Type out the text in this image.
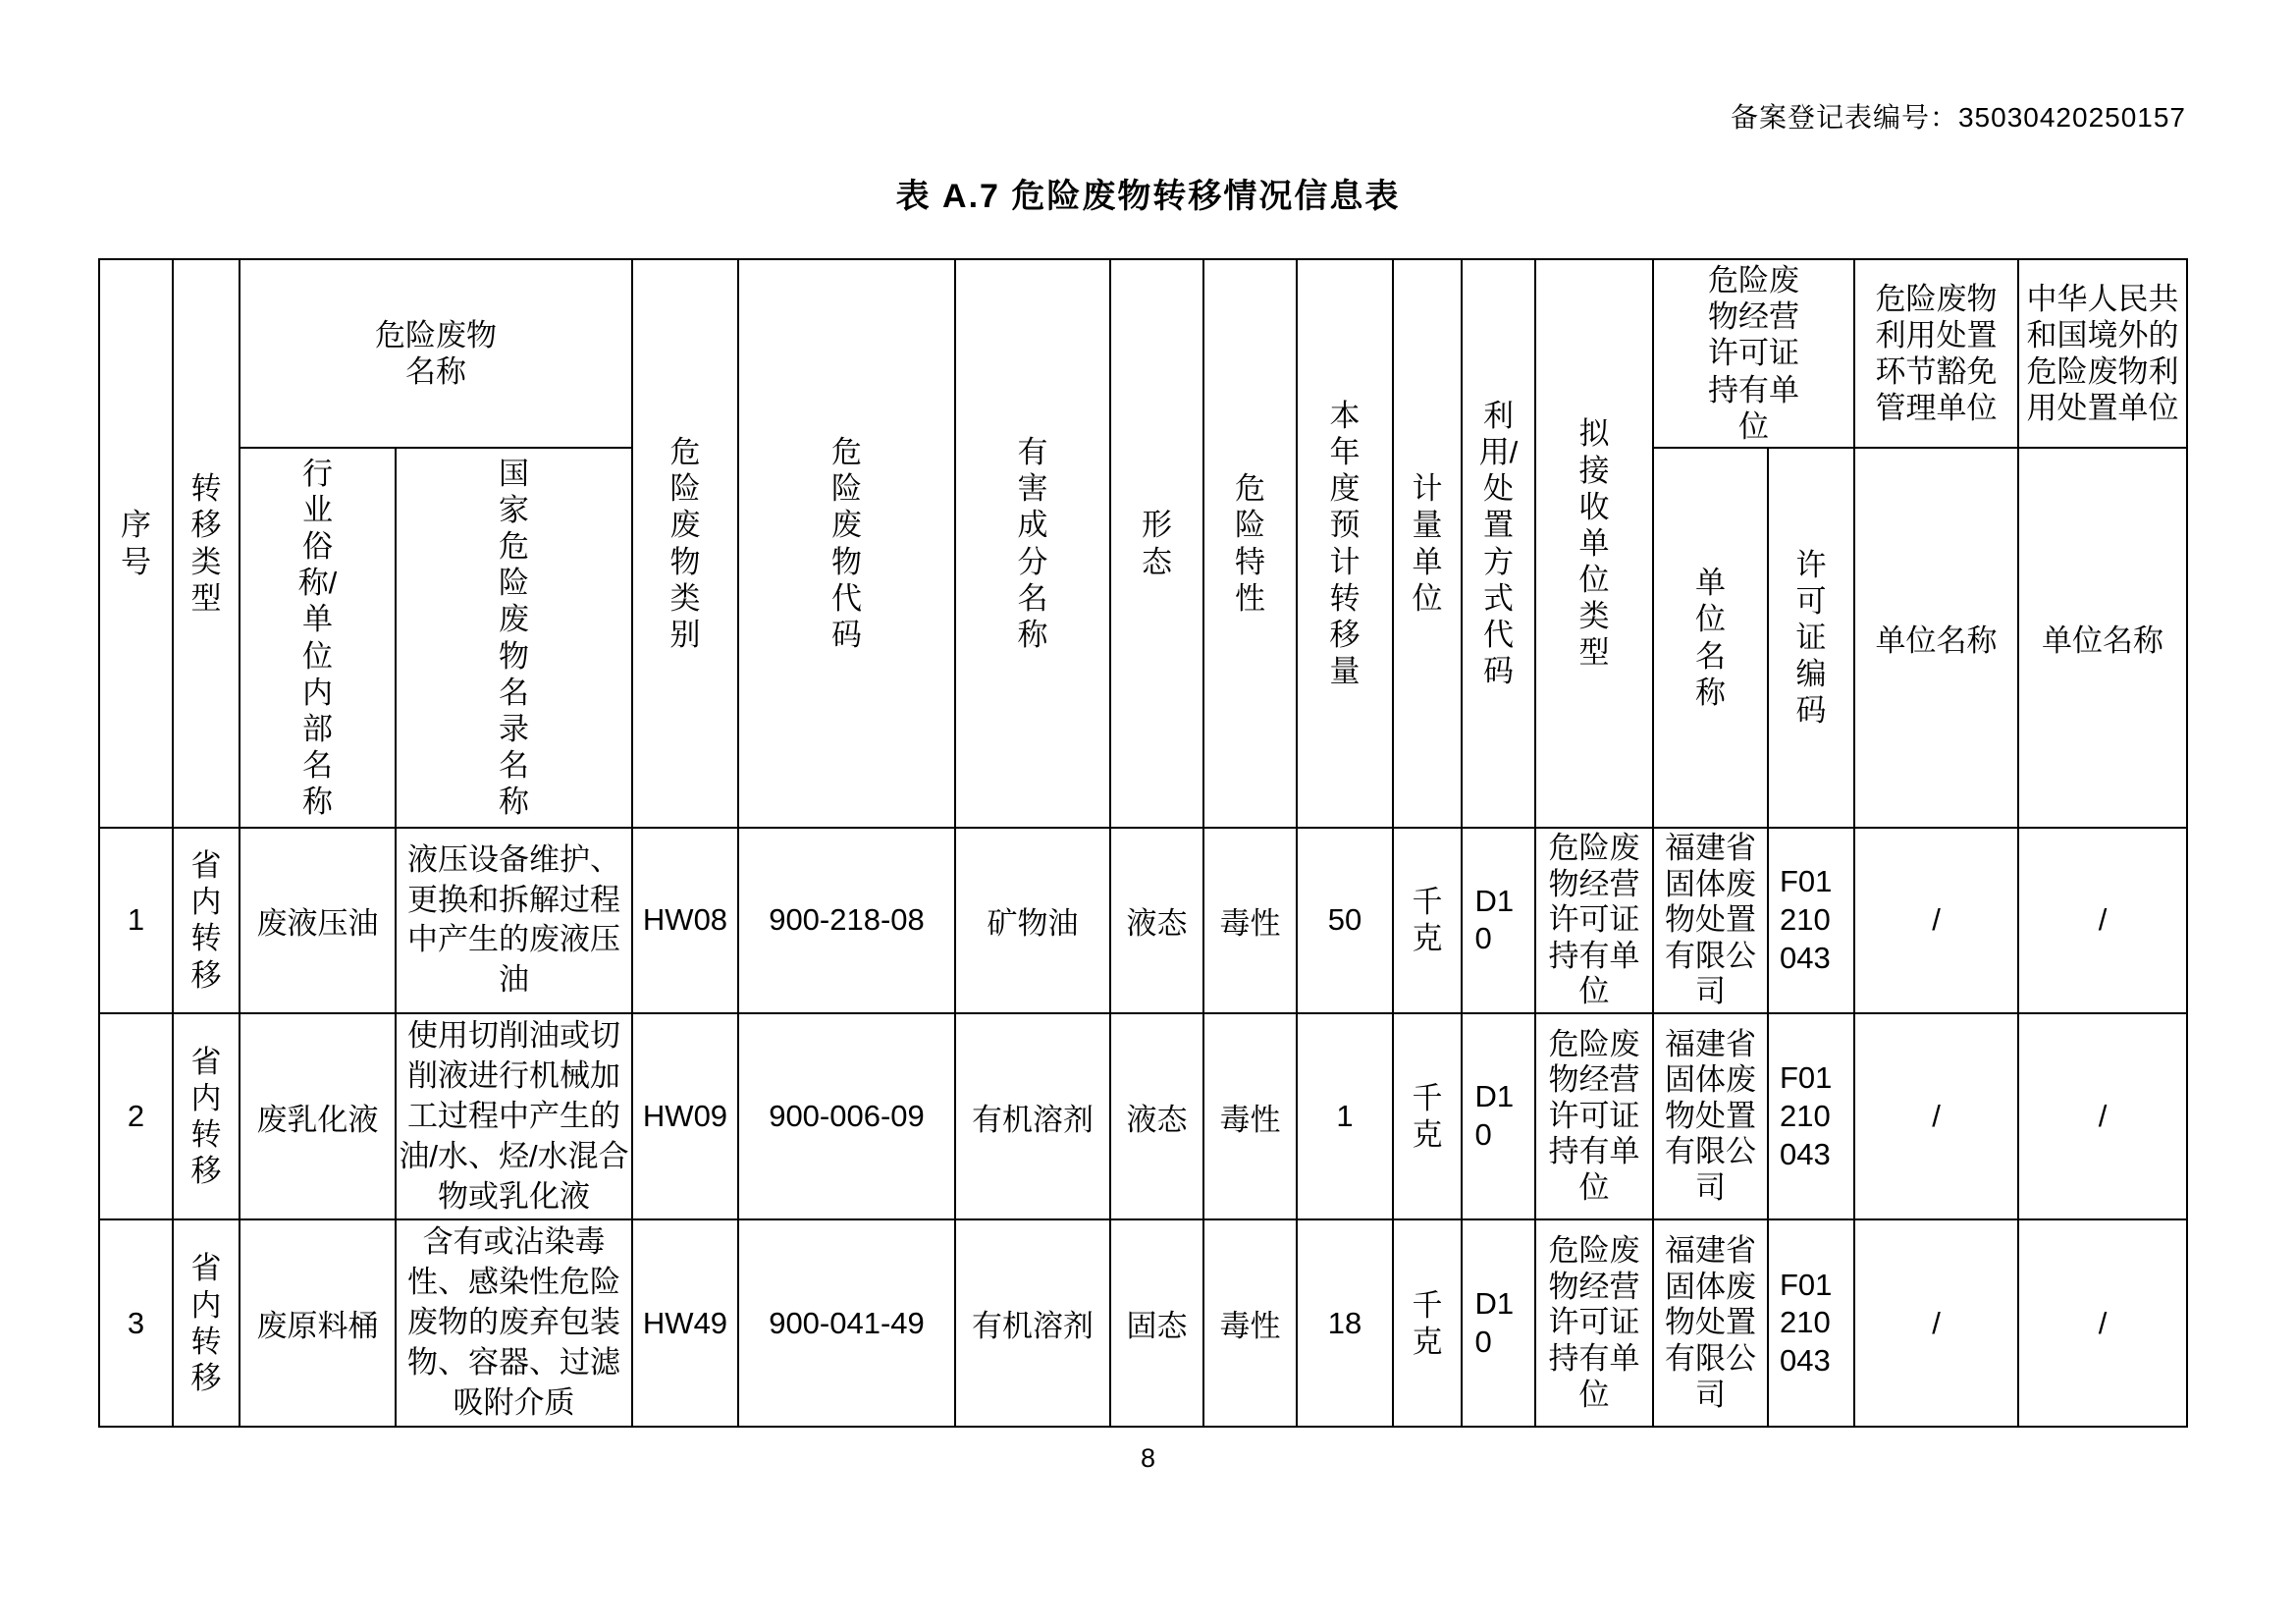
备案登记表编号：35030420250157
表 A.7 危险废物转移情况信息表
序号	转移类型	危险废物名称		危险废物类别	危险废物代码	有害成分名称	形态	危险特性	本年度预计转移量	计量单位	利用/处置方式代码	拟接收单位类型	危险废物经营许可证持有单位		危险废物利用处置环节豁免管理单位	中华人民共和国境外的危险废物利用处置单位

		行业俗称/单位内部名称	国家危险废物名录名称										单位名称	许可证编码	单位名称	单位名称
1	省内转移	废液压油	液压设备维护、更换和拆解过程中产生的废液压油	HW08	900-218-08	矿物油	液态	毒性	50	千克	D10	危险废物经营许可证持有单位	福建省固体废物处置有限公司	F01210043	/	/
2	省内转移	废乳化液	使用切削油或切削液进行机械加工过程中产生的油/水、烃/水混合物或乳化液	HW09	900-006-09	有机溶剂	液态	毒性	1	千克	D10	危险废物经营许可证持有单位	福建省固体废物处置有限公司	F01210043	/	/
3	省内转移	废原料桶	含有或沾染毒性、感染性危险废物的废弃包装物、容器、过滤吸附介质	HW49	900-041-49	有机溶剂	固态	毒性	18	千克	D10	危险废物经营许可证持有单位	福建省固体废物处置有限公司	F01210043	/	/
8
